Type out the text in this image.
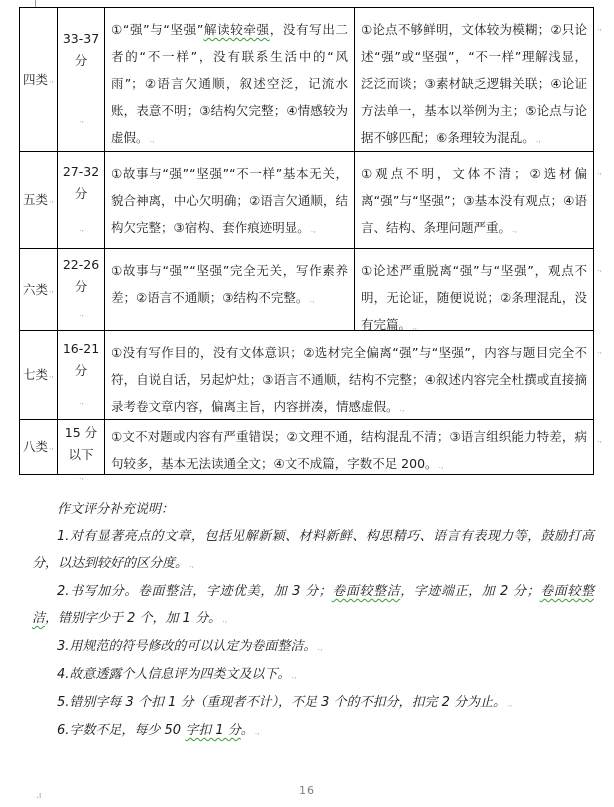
四类 .,
33-37 分
.,
①“强”与“坚强”解读较牵强，没有写出二者的“不一样”，没有联系生活中的“风雨”；②语言欠通顺，叙述空泛，记流水账，表意不明；③结构欠完整；④情感较为虚假。.,
①论点不够鲜明，文体较为模糊；②只论述“强”或“坚强”，“不一样”理解浅显，泛泛而谈；③素材缺乏逻辑关联；④论证方法单一，基本以举例为主；⑤论点与论据不够匹配；⑥条理较为混乱。.,
五类 .,
27-32 分
.,
①故事与“强”“坚强”“不一样”基本无关，貌合神离，中心欠明确；②语言欠通顺，结构欠完整；③宿构、套作痕迹明显。.,
①观点不明，文体不清；②选材偏离“强”与“坚强”；③基本没有观点；④语言、结构、条理问题严重。.,
六类 .,
22-26 分
.,
①故事与“强”“坚强”完全无关，写作素养差；②语言不通顺；③结构不完整。.,
①论述严重脱离“强”与“坚强”，观点不明，无论证，随便说说；②条理混乱，没有完篇。.,
七类 .,
16-21 分
.,
①没有写作目的，没有文体意识；②选材完全偏离“强”与“坚强”，内容与题目完全不符，自说自话，另起炉灶；③语言不通顺，结构不完整；④叙述内容完全杜撰或直接摘录考卷文章内容，偏离主旨，内容拼凑，情感虚假。.,
八类 .,
15 分以下
.,
①文不对题或内容有严重错误；②文理不通，结构混乱不清；③语言组织能力特差，病句较多，基本无法读通全文；④文不成篇，字数不足 200。.,
.,
.,
.,
.,
.,

作文评分补充说明：

1.对有显著亮点的文章，包括见解新颖、材料新鲜、构思精巧、语言有表现力等，鼓励打高分，以达到较好的区分度。.,

2.书写加分。卷面整洁，字迹优美，加 3 分；卷面较整洁，字迹端正，加 2 分；卷面较整洁，错别字少于 2 个，加 1 分。.,

3.用规范的符号修改的可以认定为卷面整洁。.,

4.故意透露个人信息评为四类文及以下。.,

5.错别字每 3 个扣 1 分（重现者不计），不足 3 个的不扣分，扣完 2 分为止。.,

6.字数不足，每少 50 字扣 1 分。.,

16
.ı
